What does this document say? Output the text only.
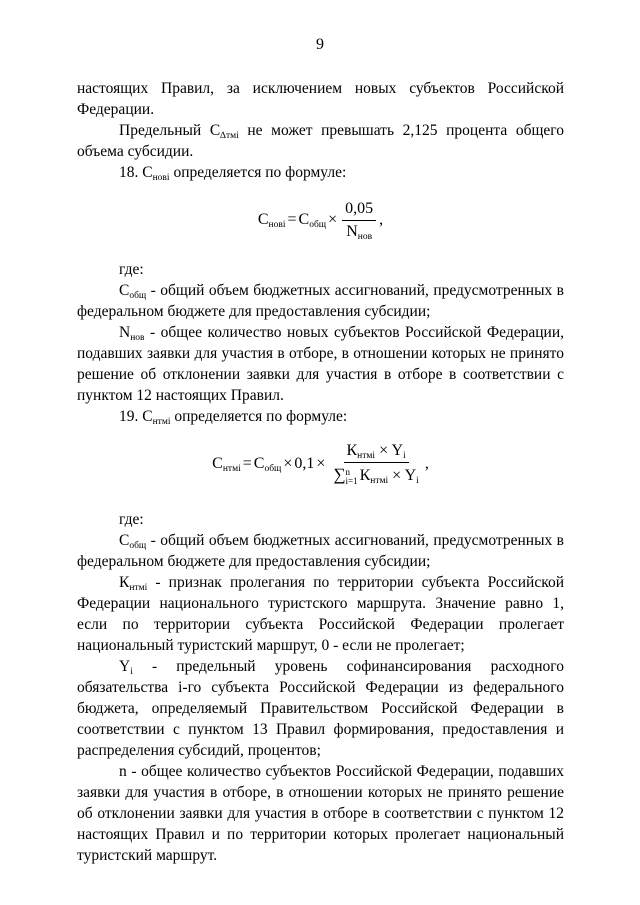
9

настоящих Правил, за исключением новых субъектов Российской Федерации.

Предельный $С_{\Delta тмi}$ не может превышать 2,125 процента общего объема субсидии.

18. $С_{новi}$ определяется по формуле:

$С_{новi} = С_{общ} \times \frac{0,05}{N_{нов}}$ ,

где:

$С_{общ}$ - общий объем бюджетных ассигнований, предусмотренных в федеральном бюджете для предоставления субсидии;

$N_{нов}$ - общее количество новых субъектов Российской Федерации, подавших заявки для участия в отборе, в отношении которых не принято решение об отклонении заявки для участия в отборе в соответствии с пунктом 12 настоящих Правил.

19. $С_{нтмi}$ определяется по формуле:

$С_{нтмi} = С_{общ} \times 0,1 \times К_{нтмi} \times Y_i$
∑ n
i=1 $К_{нтмi} \times Y_i$ ,

где:

$С_{общ}$ - общий объем бюджетных ассигнований, предусмотренных в федеральном бюджете для предоставления субсидии;

$К_{нтмi}$ - признак пролегания по территории субъекта Российской Федерации национального туристского маршрута. Значение равно 1, если по территории субъекта Российской Федерации пролегает национальный туристский маршрут, 0 - если не пролегает;

$Y_i$ - предельный уровень софинансирования расходного обязательства i-го субъекта Российской Федерации из федерального бюджета, определяемый Правительством Российской Федерации в соответствии с пунктом 13 Правил формирования, предоставления и распределения субсидий, процентов;

n - общее количество субъектов Российской Федерации, подавших заявки для участия в отборе, в отношении которых не принято решение об отклонении заявки для участия в отборе в соответствии с пунктом 12 настоящих Правил и по территории которых пролегает национальный туристский маршрут.
